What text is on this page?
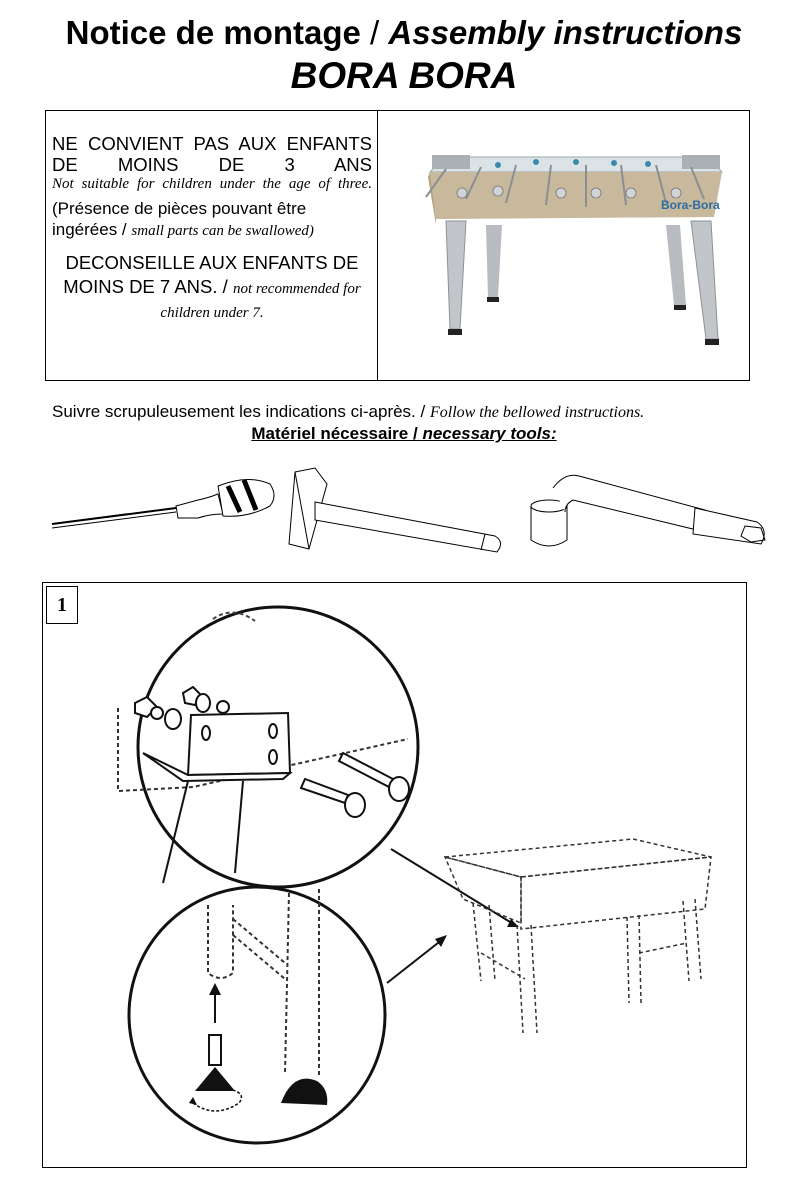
Notice de montage / Assembly instructions
BORA BORA
NE CONVIENT PAS AUX ENFANTS DE MOINS DE 3 ANS
Not suitable for children under the age of three.
(Présence de pièces pouvant être ingérées / small parts can be swallowed)
DECONSEILLE AUX ENFANTS DE MOINS DE 7 ANS. / not recommended for children under 7.
Bora-Bora
Suivre scrupuleusement les indications ci-après. / Follow the bellowed instructions.
Matériel nécessaire / necessary tools:
1
